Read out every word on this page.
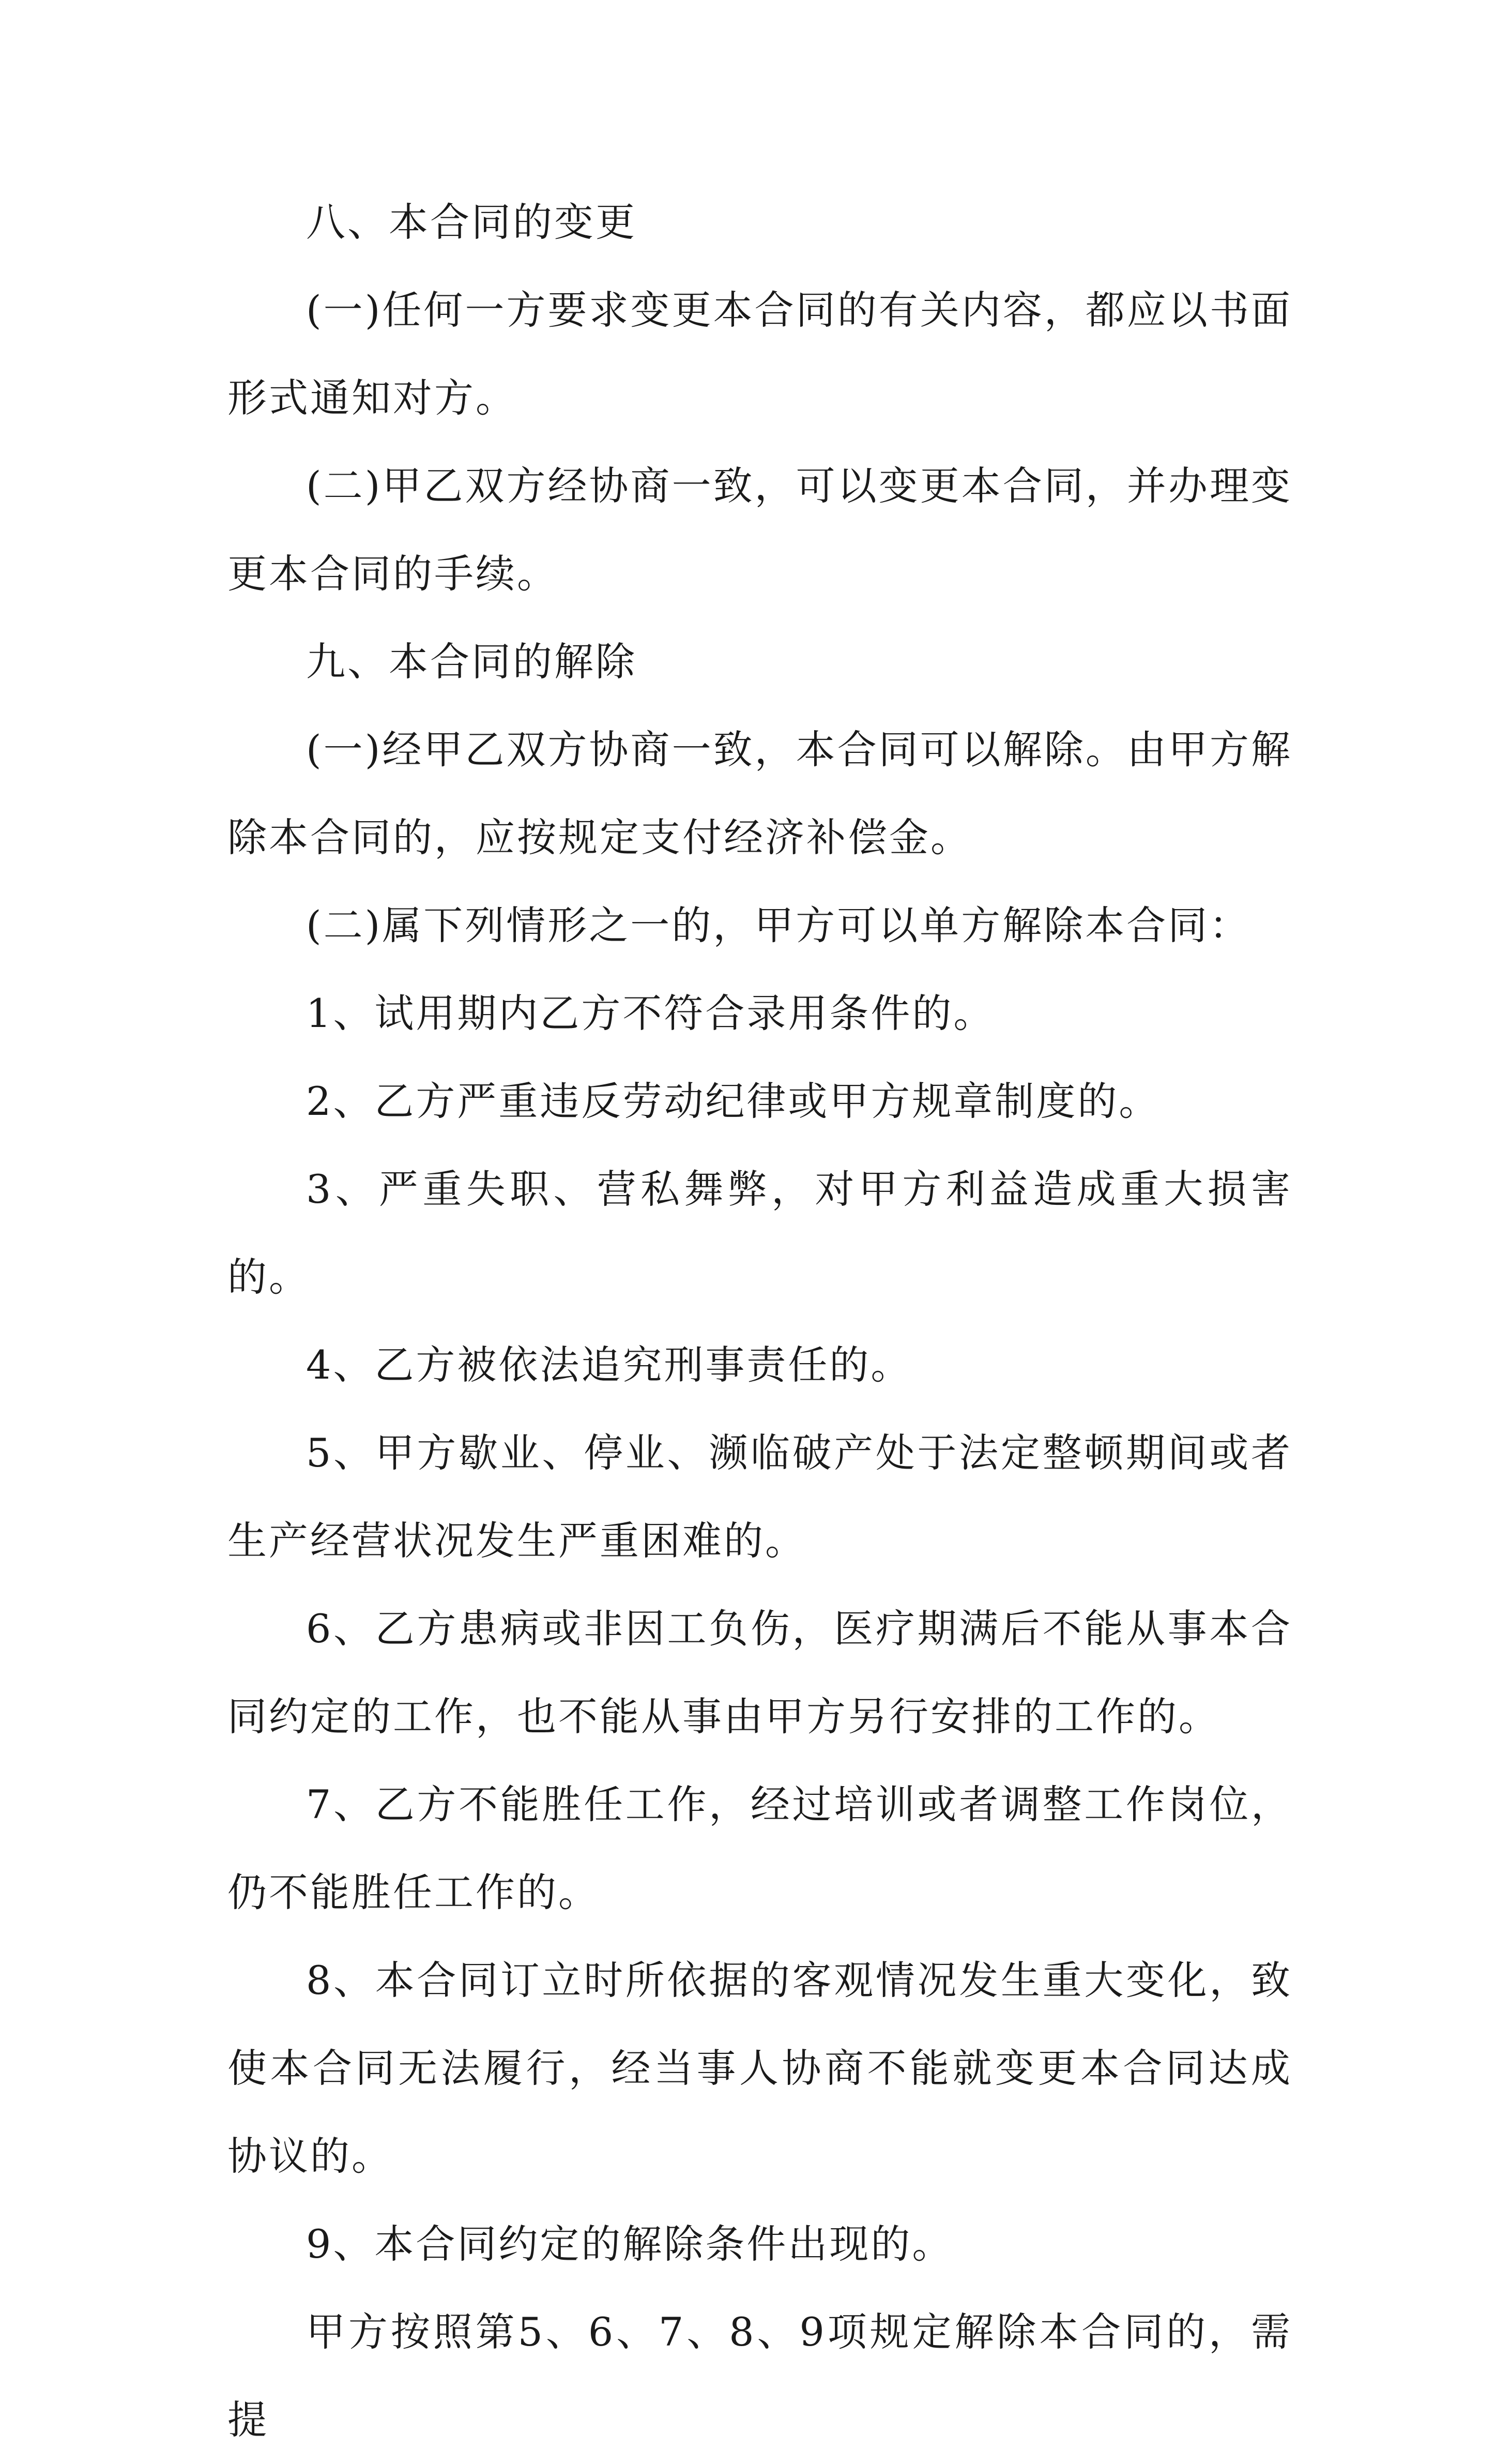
八、本合同的变更

(一)任何一方要求变更本合同的有关内容，都应以书面形式通知对方。

(二)甲乙双方经协商一致，可以变更本合同，并办理变更本合同的手续。

九、本合同的解除

(一)经甲乙双方协商一致，本合同可以解除。由甲方解除本合同的，应按规定支付经济补偿金。

(二)属下列情形之一的，甲方可以单方解除本合同：

1、试用期内乙方不符合录用条件的。

2、乙方严重违反劳动纪律或甲方规章制度的。

3、严重失职、营私舞弊，对甲方利益造成重大损害的。

4、乙方被依法追究刑事责任的。

5、甲方歇业、停业、濒临破产处于法定整顿期间或者生产经营状况发生严重困难的。

6、乙方患病或非因工负伤，医疗期满后不能从事本合同约定的工作，也不能从事由甲方另行安排的工作的。

7、乙方不能胜任工作，经过培训或者调整工作岗位，仍不能胜任工作的。

8、本合同订立时所依据的客观情况发生重大变化，致使本合同无法履行，经当事人协商不能就变更本合同达成协议的。

9、本合同约定的解除条件出现的。

甲方按照第5、6、7、8、9项规定解除本合同的，需提
